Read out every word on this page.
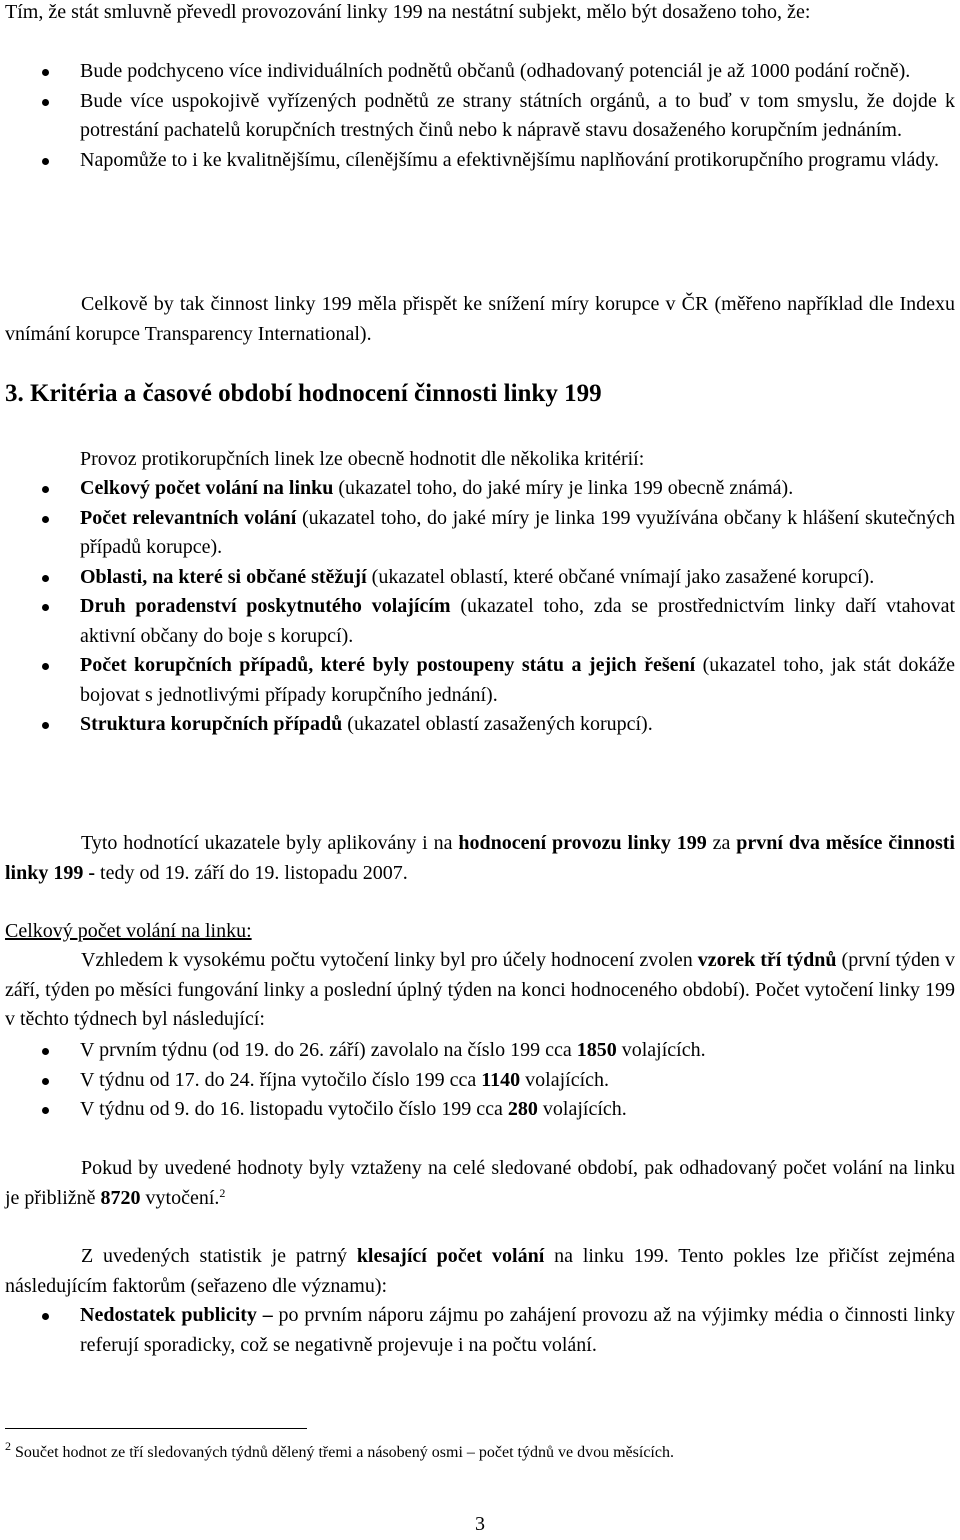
Tím, že stát smluvně převedl provozování linky 199 na nestátní subjekt, mělo být dosaženo toho, že:

Bude podchyceno více individuálních podnětů občanů (odhadovaný potenciál je až 1000 podání ročně).
Bude více uspokojivě vyřízených podnětů ze strany státních orgánů, a to buď v tom smyslu, že dojde k potrestání pachatelů korupčních trestných činů nebo k nápravě stavu dosaženého korupčním jednáním.
Napomůže to i ke kvalitnějšímu, cílenějšímu a efektivnějšímu naplňování protikorupčního programu vlády.

Celkově by tak činnost linky 199 měla přispět ke snížení míry korupce v ČR (měřeno například dle Indexu vnímání korupce Transparency International).

3. Kritéria a časové období hodnocení činnosti linky 199

Provoz protikorupčních linek lze obecně hodnotit dle několika kritérií:

Celkový počet volání na linku (ukazatel toho, do jaké míry je linka 199 obecně známá).
Počet relevantních volání (ukazatel toho, do jaké míry je linka 199 využívána občany k hlášení skutečných případů korupce).
Oblasti, na které si občané stěžují (ukazatel oblastí, které občané vnímají jako zasažené korupcí).
Druh poradenství poskytnutého volajícím (ukazatel toho, zda se prostřednictvím linky daří vtahovat aktivní občany do boje s korupcí).
Počet korupčních případů, které byly postoupeny státu a jejich řešení (ukazatel toho, jak stát dokáže bojovat s jednotlivými případy korupčního jednání).
Struktura korupčních případů (ukazatel oblastí zasažených korupcí).

Tyto hodnotící ukazatele byly aplikovány i na hodnocení provozu linky 199 za první dva měsíce činnosti linky 199 - tedy od 19. září do 19. listopadu 2007.

Celkový počet volání na linku:

Vzhledem k vysokému počtu vytočení linky byl pro účely hodnocení zvolen vzorek tří týdnů (první týden v září, týden po měsíci fungování linky a poslední úplný týden na konci hodnoceného období). Počet vytočení linky 199 v těchto týdnech byl následující:

V prvním týdnu (od 19. do 26. září) zavolalo na číslo 199 cca 1850 volajících.
V týdnu od 17. do 24. října vytočilo číslo 199 cca 1140 volajících.
V týdnu od 9. do 16. listopadu vytočilo číslo 199 cca 280 volajících.

Pokud by uvedené hodnoty byly vztaženy na celé sledované období, pak odhadovaný počet volání na linku je přibližně 8720 vytočení.$^2$

Z uvedených statistik je patrný klesající počet volání na linku 199. Tento pokles lze přičíst zejména následujícím faktorům (seřazeno dle významu):

Nedostatek publicity – po prvním náporu zájmu po zahájení provozu až na výjimky média o činnosti linky referují sporadicky, což se negativně projevuje i na počtu volání.

$^2$ Součet hodnot ze tří sledovaných týdnů dělený třemi a násobený osmi – počet týdnů ve dvou měsících.

3
